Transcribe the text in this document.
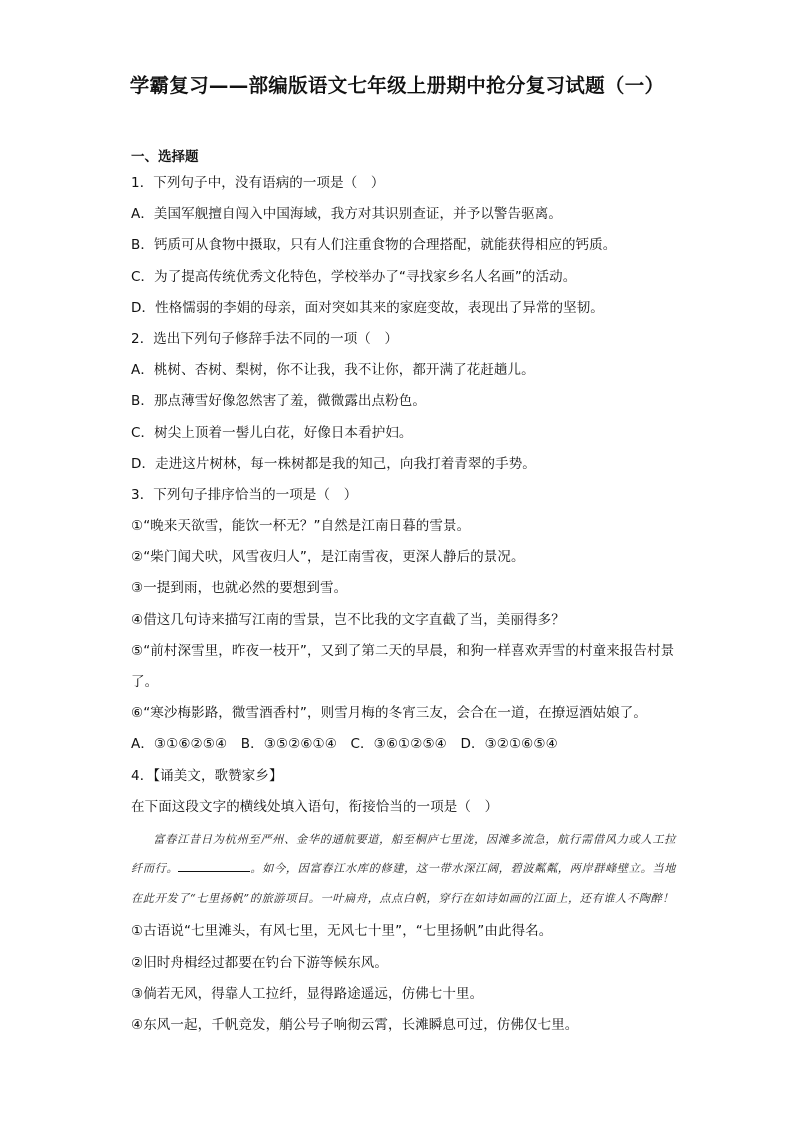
学霸复习——部编版语文七年级上册期中抢分复习试题（一）
一、选择题
1．下列句子中，没有语病的一项是（　）
A．美国军舰擅自闯入中国海域，我方对其识别查证，并予以警告驱离。
B．钙质可从食物中摄取，只有人们注重食物的合理搭配，就能获得相应的钙质。
C．为了提高传统优秀文化特色，学校举办了“寻找家乡名人名画”的活动。
D．性格懦弱的李娟的母亲，面对突如其来的家庭变故，表现出了异常的坚韧。
2．选出下列句子修辞手法不同的一项（　）
A．桃树、杏树、梨树，你不让我，我不让你，都开满了花赶趟儿。
B．那点薄雪好像忽然害了羞，微微露出点粉色。
C．树尖上顶着一髻儿白花，好像日本看护妇。
D．走进这片树林，每一株树都是我的知己，向我打着青翠的手势。
3．下列句子排序恰当的一项是（　）
①“晚来天欲雪，能饮一杯无？”自然是江南日暮的雪景。
②“柴门闻犬吠，风雪夜归人”，是江南雪夜，更深人静后的景况。
③一提到雨，也就必然的要想到雪。
④借这几句诗来描写江南的雪景，岂不比我的文字直截了当，美丽得多？
⑤“前村深雪里，昨夜一枝开”，又到了第二天的早晨，和狗一样喜欢弄雪的村童来报告村景了。
⑥“寒沙梅影路，微雪酒香村”，则雪月梅的冬宵三友，会合在一道，在撩逗酒姑娘了。
A．③①⑥②⑤④　B．③⑤②⑥①④　C．③⑥①②⑤④　D．③②①⑥⑤④
4．【诵美文，歌赞家乡】
在下面这段文字的横线处填入语句，衔接恰当的一项是（　）
富春江昔日为杭州至严州、金华的通航要道，船至桐庐七里泷，因滩多流急，航行需借风力或人工拉纤而行。	。如今，因富春江水库的修建，这一带水深江阔，碧波粼粼，两岸群峰壁立。当地在此开发了“七里扬帆”的旅游项目。一叶扁舟，点点白帆，穿行在如诗如画的江面上，还有谁人不陶醉！
①古语说“七里滩头，有风七里，无风七十里”，“七里扬帆”由此得名。
②旧时舟楫经过都要在钓台下游等候东风。
③倘若无风，得靠人工拉纤，显得路途遥远，仿佛七十里。
④东风一起，千帆竞发，艄公号子响彻云霄，长滩瞬息可过，仿佛仅七里。
